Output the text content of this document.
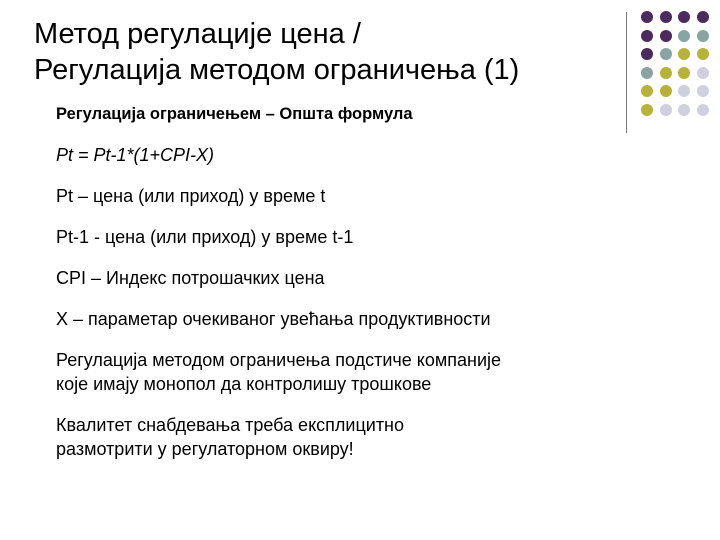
Метод регулације цена /
Регулација методом ограничења (1)
Регулација ограничењем – Општа формула
Pt = Pt-1*(1+CPI-X)
Pt – цена (или приход) у време t
Pt-1 - цена (или приход) у време t-1
CPI – Индекс потрошачких цена
X – параметар очекиваног увећања продуктивности
Регулација методом ограничења подстиче компаније
које имају монопол да контролишу трошкове
Квалитет снабдевања треба експлицитно
размотрити у регулаторном оквиру!
